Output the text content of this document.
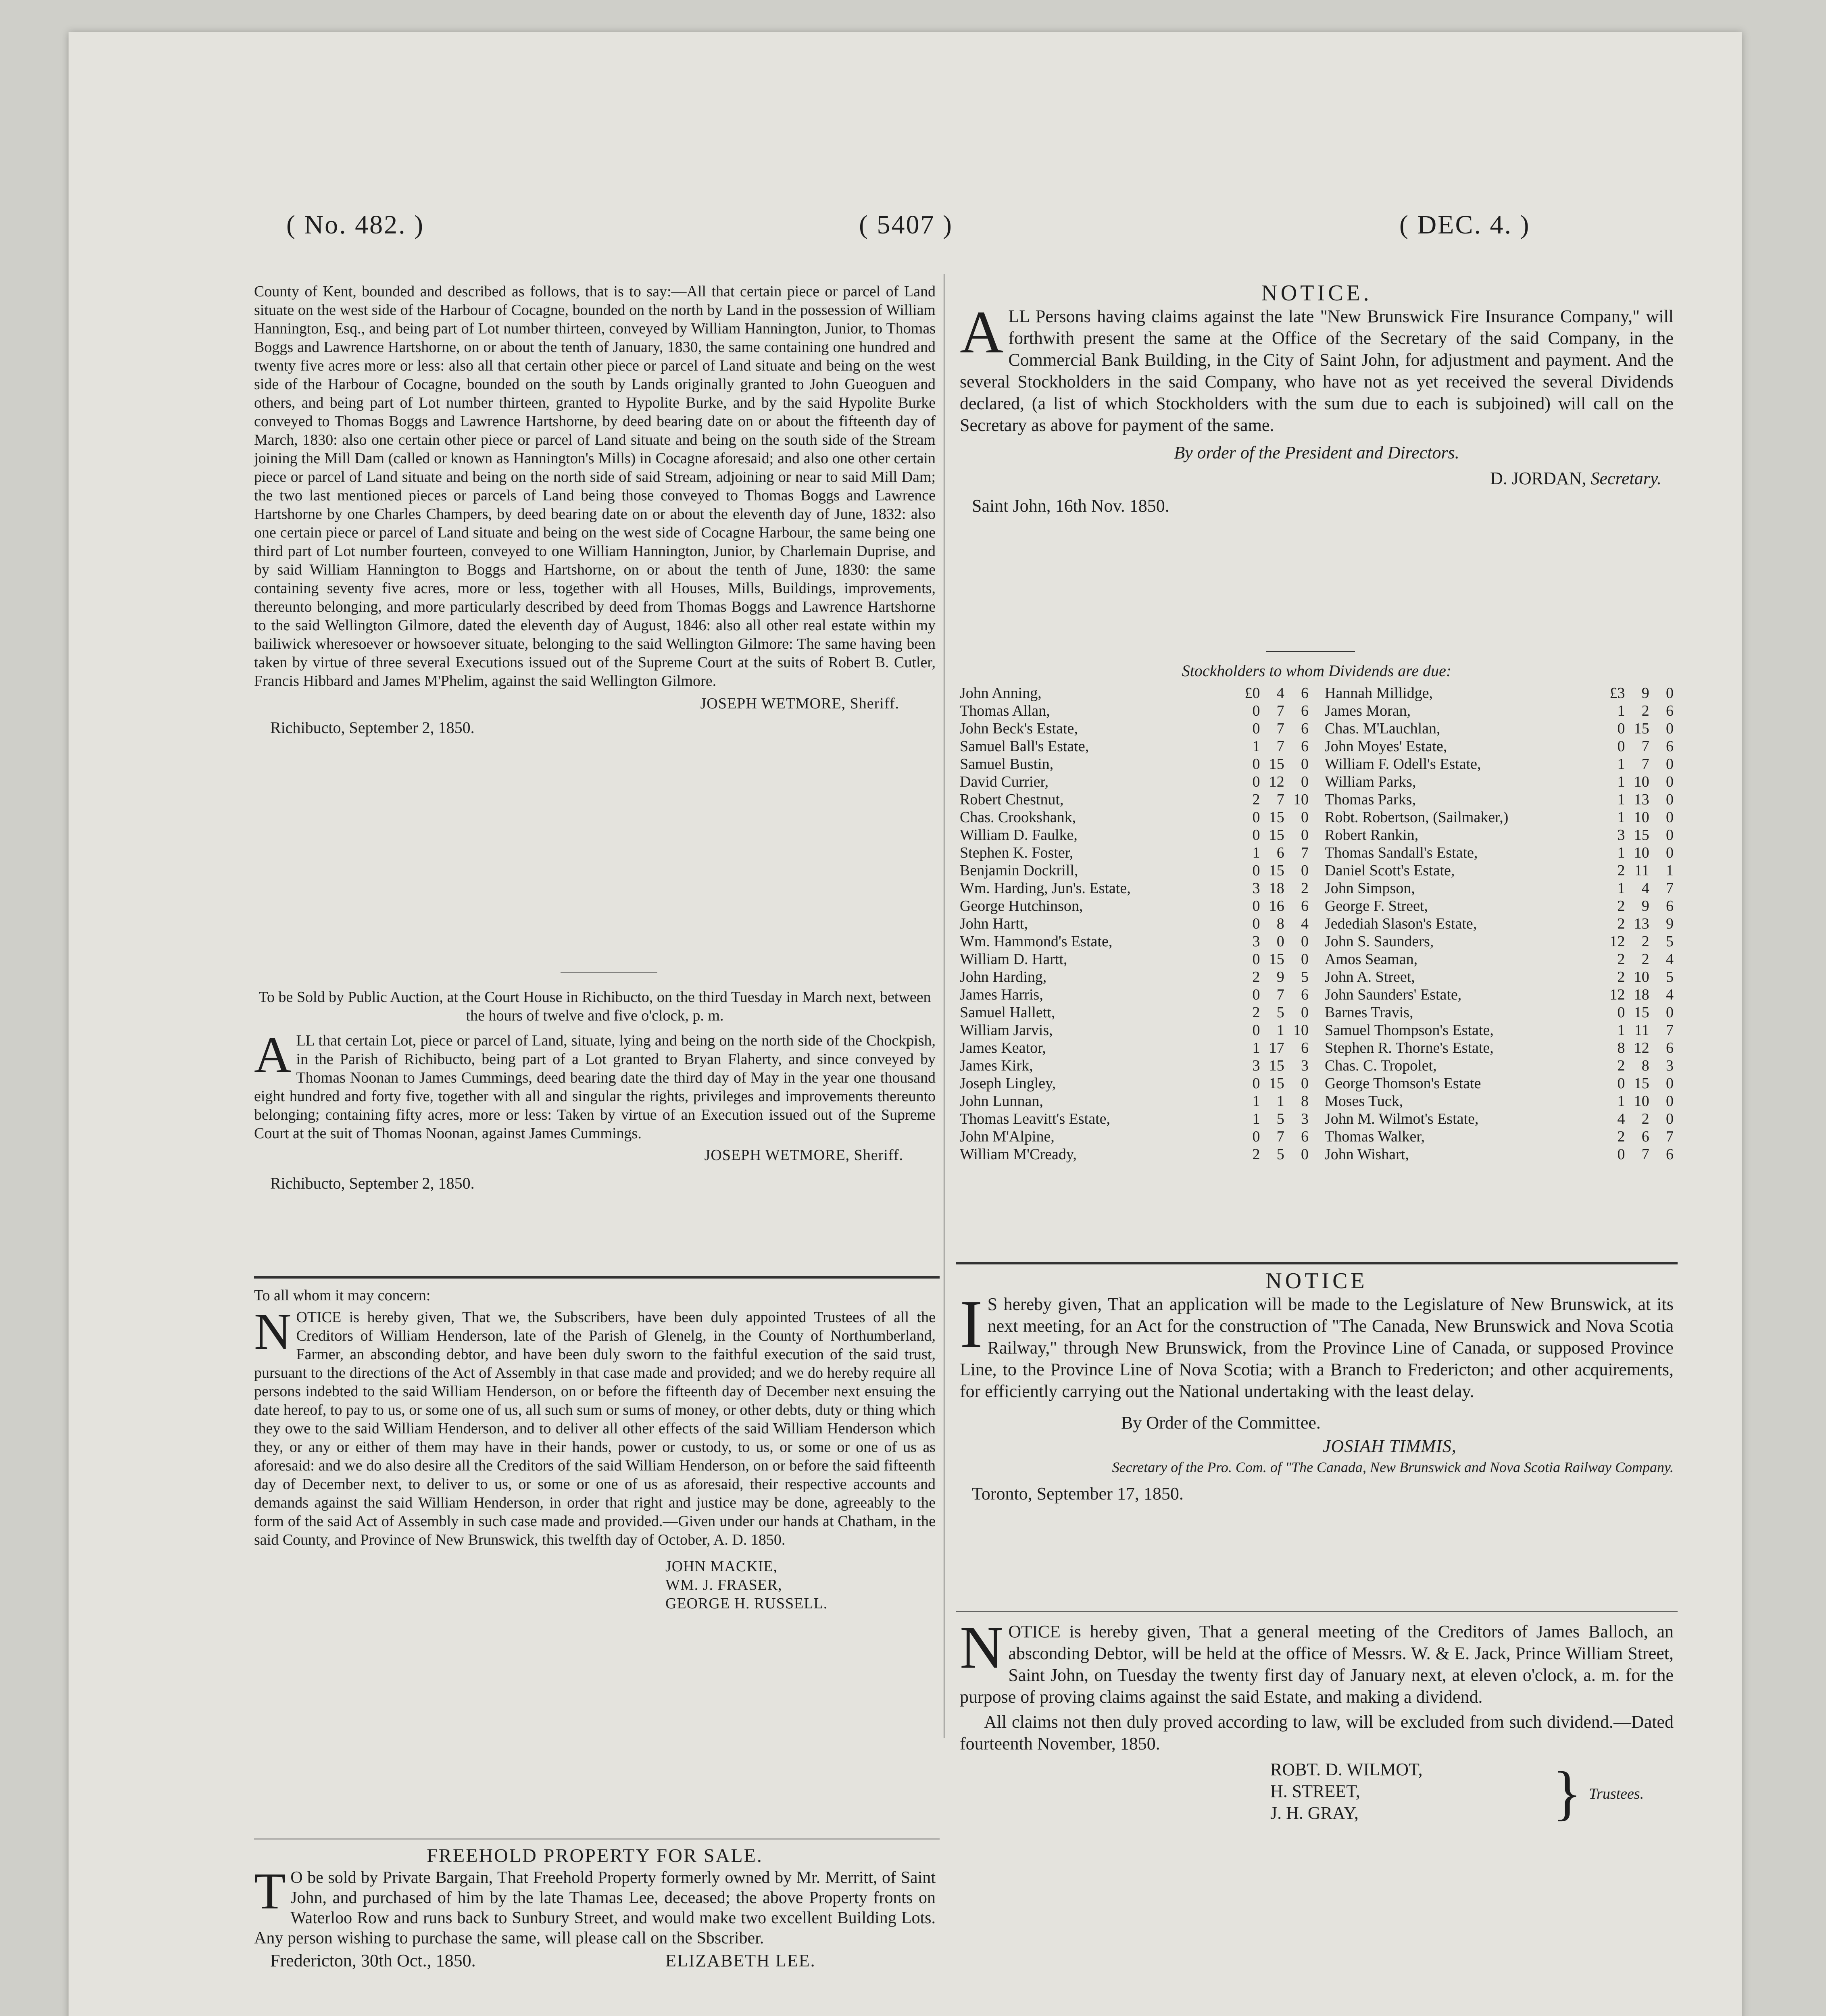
( No. 482. )	( 5407 )	( DEC. 4. )

County of Kent, bounded and described as follows, that is to say:—All that certain piece or parcel of Land situate on the west side of the Harbour of Cocagne, bounded on the north by Land in the possession of William Hannington, Esq., and being part of Lot number thirteen, conveyed by William Hannington, Junior, to Thomas Boggs and Lawrence Hartshorne, on or about the tenth of January, 1830, the same containing one hundred and twenty five acres more or less: also all that certain other piece or parcel of Land situate and being on the west side of the Harbour of Cocagne, bounded on the south by Lands originally granted to John Gueoguen and others, and being part of Lot number thirteen, granted to Hypolite Burke, and by the said Hypolite Burke conveyed to Thomas Boggs and Lawrence Hartshorne, by deed bearing date on or about the fifteenth day of March, 1830: also one certain other piece or parcel of Land situate and being on the south side of the Stream joining the Mill Dam (called or known as Hannington's Mills) in Cocagne aforesaid; and also one other certain piece or parcel of Land situate and being on the north side of said Stream, adjoining or near to said Mill Dam; the two last mentioned pieces or parcels of Land being those conveyed to Thomas Boggs and Lawrence Hartshorne by one Charles Champers, by deed bearing date on or about the eleventh day of June, 1832: also one certain piece or parcel of Land situate and being on the west side of Cocagne Harbour, the same being one third part of Lot number fourteen, conveyed to one William Hannington, Junior, by Charlemain Duprise, and by said William Hannington to Boggs and Hartshorne, on or about the tenth of June, 1830: the same containing seventy five acres, more or less, together with all Houses, Mills, Buildings, improvements, thereunto belonging, and more particularly described by deed from Thomas Boggs and Lawrence Hartshorne to the said Wellington Gilmore, dated the eleventh day of August, 1846: also all other real estate within my bailiwick wheresoever or howsoever situate, belonging to the said Wellington Gilmore: The same having been taken by virtue of three several Executions issued out of the Supreme Court at the suits of Robert B. Cutler, Francis Hibbard and James M'Phelim, against the said Wellington Gilmore.

JOSEPH WETMORE, Sheriff.
Richibucto, September 2, 1850.

To be Sold by Public Auction, at the Court House in Richibucto, on the third Tuesday in March next, between the hours of twelve and five o'clock, p. m.

A LL that certain Lot, piece or parcel of Land, situate, lying and being on the north side of the Chockpish, in the Parish of Richibucto, being part of a Lot granted to Bryan Flaherty, and since conveyed by Thomas Noonan to James Cummings, deed bearing date the third day of May in the year one thousand eight hundred and forty five, together with all and singular the rights, privileges and improvements thereunto belonging; containing fifty acres, more or less: Taken by virtue of an Execution issued out of the Supreme Court at the suit of Thomas Noonan, against James Cummings.

JOSEPH WETMORE, Sheriff.
Richibucto, September 2, 1850.
To all whom it may concern:
N OTICE is hereby given, That we, the Subscribers, have been duly appointed Trustees of all the Creditors of William Henderson, late of the Parish of Glenelg, in the County of Northumberland, Farmer, an absconding debtor, and have been duly sworn to the faithful execution of the said trust, pursuant to the directions of the Act of Assembly in that case made and provided; and we do hereby require all persons indebted to the said William Henderson, on or before the fifteenth day of December next ensuing the date hereof, to pay to us, or some one of us, all such sum or sums of money, or other debts, duty or thing which they owe to the said William Henderson, and to deliver all other effects of the said William Henderson which they, or any or either of them may have in their hands, power or custody, to us, or some or one of us as aforesaid: and we do also desire all the Creditors of the said William Henderson, on or before the said fifteenth day of December next, to deliver to us, or some or one of us as aforesaid, their respective accounts and demands against the said William Henderson, in order that right and justice may be done, agreeably to the form of the said Act of Assembly in such case made and provided.—Given under our hands at Chatham, in the said County, and Province of New Brunswick, this twelfth day of October, A. D. 1850.

JOHN MACKIE,
WM. J. FRASER,
GEORGE H. RUSSELL.
FREEHOLD PROPERTY FOR SALE.
T O be sold by Private Bargain, That Freehold Property formerly owned by Mr. Merritt, of Saint John, and purchased of him by the late Thamas Lee, deceased; the above Property fronts on Waterloo Row and runs back to Sunbury Street, and would make two excellent Building Lots. Any person wishing to purchase the same, will please call on the Sbscriber.

Fredericton, 30th Oct., 1850.	ELIZABETH LEE.
NOTICE.
A LL Persons having claims against the late "New Brunswick Fire Insurance Company," will forthwith present the same at the Office of the Secretary of the said Company, in the Commercial Bank Building, in the City of Saint John, for adjustment and payment. And the several Stockholders in the said Company, who have not as yet received the several Dividends declared, (a list of which Stockholders with the sum due to each is subjoined) will call on the Secretary as above for payment of the same.

By order of the President and Directors.
D. JORDAN, Secretary.
Saint John, 16th Nov. 1850.
Stockholders to whom Dividends are due:
John Anning,	£0	4	6
Thomas Allan,	0	7	6
John Beck's Estate,	0	7	6
Samuel Ball's Estate,	1	7	6
Samuel Bustin,	0	15	0
David Currier,	0	12	0
Robert Chestnut,	2	7	10
Chas. Crookshank,	0	15	0
William D. Faulke,	0	15	0
Stephen K. Foster,	1	6	7
Benjamin Dockrill,	0	15	0
Wm. Harding, Jun's. Estate,	3	18	2
George Hutchinson,	0	16	6
John Hartt,	0	8	4
Wm. Hammond's Estate,	3	0	0
William D. Hartt,	0	15	0
John Harding,	2	9	5
James Harris,	0	7	6
Samuel Hallett,	2	5	0
William Jarvis,	0	1	10
James Keator,	1	17	6
James Kirk,	3	15	3
Joseph Lingley,	0	15	0
John Lunnan,	1	1	8
Thomas Leavitt's Estate,	1	5	3
John M'Alpine,	0	7	6
William M'Cready,	2	5	0
Hannah Millidge,	£3	9	0
James Moran,	1	2	6
Chas. M'Lauchlan,	0	15	0
John Moyes' Estate,	0	7	6
William F. Odell's Estate,	1	7	0
William Parks,	1	10	0
Thomas Parks,	1	13	0
Robt. Robertson, (Sailmaker,)	1	10	0
Robert Rankin,	3	15	0
Thomas Sandall's Estate,	1	10	0
Daniel Scott's Estate,	2	11	1
John Simpson,	1	4	7
George F. Street,	2	9	6
Jedediah Slason's Estate,	2	13	9
John S. Saunders,	12	2	5
Amos Seaman,	2	2	4
John A. Street,	2	10	5
John Saunders' Estate,	12	18	4
Barnes Travis,	0	15	0
Samuel Thompson's Estate,	1	11	7
Stephen R. Thorne's Estate,	8	12	6
Chas. C. Tropolet,	2	8	3
George Thomson's Estate	0	15	0
Moses Tuck,	1	10	0
John M. Wilmot's Estate,	4	2	0
Thomas Walker,	2	6	7
John Wishart,	0	7	6
NOTICE
I S hereby given, That an application will be made to the Legislature of New Brunswick, at its next meeting, for an Act for the construction of "The Canada, New Brunswick and Nova Scotia Railway," through New Brunswick, from the Province Line of Canada, or supposed Province Line, to the Province Line of Nova Scotia; with a Branch to Fredericton; and other acquirements, for efficiently carrying out the National undertaking with the least delay.

By Order of the Committee.
JOSIAH TIMMIS,
Secretary of the Pro. Com. of "The Canada, New Brunswick and Nova Scotia Railway Company.
Toronto, September 17, 1850.
N OTICE is hereby given, That a general meeting of the Creditors of James Balloch, an absconding Debtor, will be held at the office of Messrs. W. & E. Jack, Prince William Street, Saint John, on Tuesday the twenty first day of January next, at eleven o'clock, a. m. for the purpose of proving claims against the said Estate, and making a dividend.

All claims not then duly proved according to law, will be excluded from such dividend.—Dated fourteenth November, 1850.

ROBT. D. WILMOT,
H. STREET,
J. H. GRAY,	} Trustees.
